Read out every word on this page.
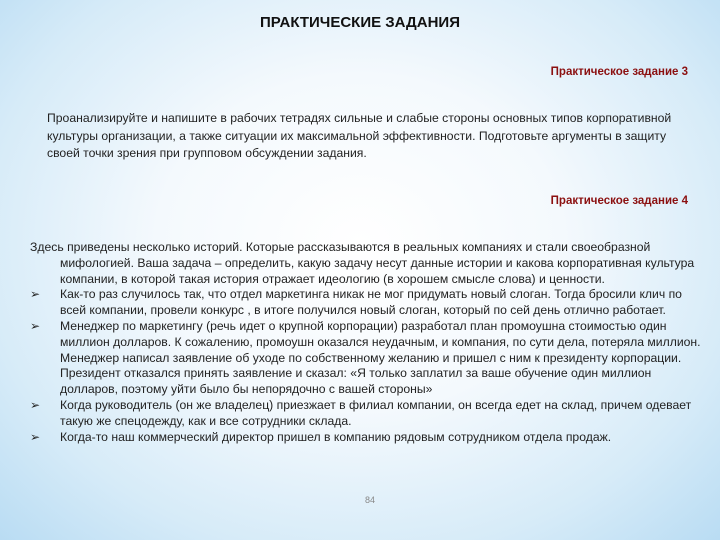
ПРАКТИЧЕСКИЕ ЗАДАНИЯ
Практическое задание 3
Проанализируйте и напишите в рабочих тетрадях сильные и слабые стороны основных типов корпоративной культуры организации, а также ситуации их максимальной эффективности. Подготовьте аргументы в защиту своей точки зрения при групповом обсуждении задания.
Практическое задание 4

Здесь приведены несколько историй. Которые рассказываются в реальных компаниях и стали своеобразной мифологией. Ваша задача – определить, какую задачу несут данные истории и какова корпоративная культура компании, в которой такая история отражает идеологию (в хорошем смысле слова) и ценности.

➢	Как-то раз случилось так, что отдел маркетинга никак не мог придумать новый слоган. Тогда бросили клич по всей компании, провели конкурс , в итоге получился новый слоган, который по сей день отлично работает.
➢	Менеджер по маркетингу (речь идет о крупной корпорации) разработал план промоушна стоимостью один миллион долларов. К сожалению, промоушн оказался неудачным, и компания, по сути дела, потеряла миллион. Менеджер написал заявление об уходе по собственному желанию и пришел с ним к президенту корпорации. Президент отказался принять заявление и сказал: «Я только заплатил за ваше обучение один миллион долларов, поэтому уйти было бы непорядочно с вашей стороны»
➢	Когда руководитель (он же владелец) приезжает в филиал компании, он всегда едет на склад, причем одевает такую же спецодежду, как и все сотрудники склада.
➢	Когда-то наш коммерческий директор пришел в компанию рядовым сотрудником отдела продаж.
84
